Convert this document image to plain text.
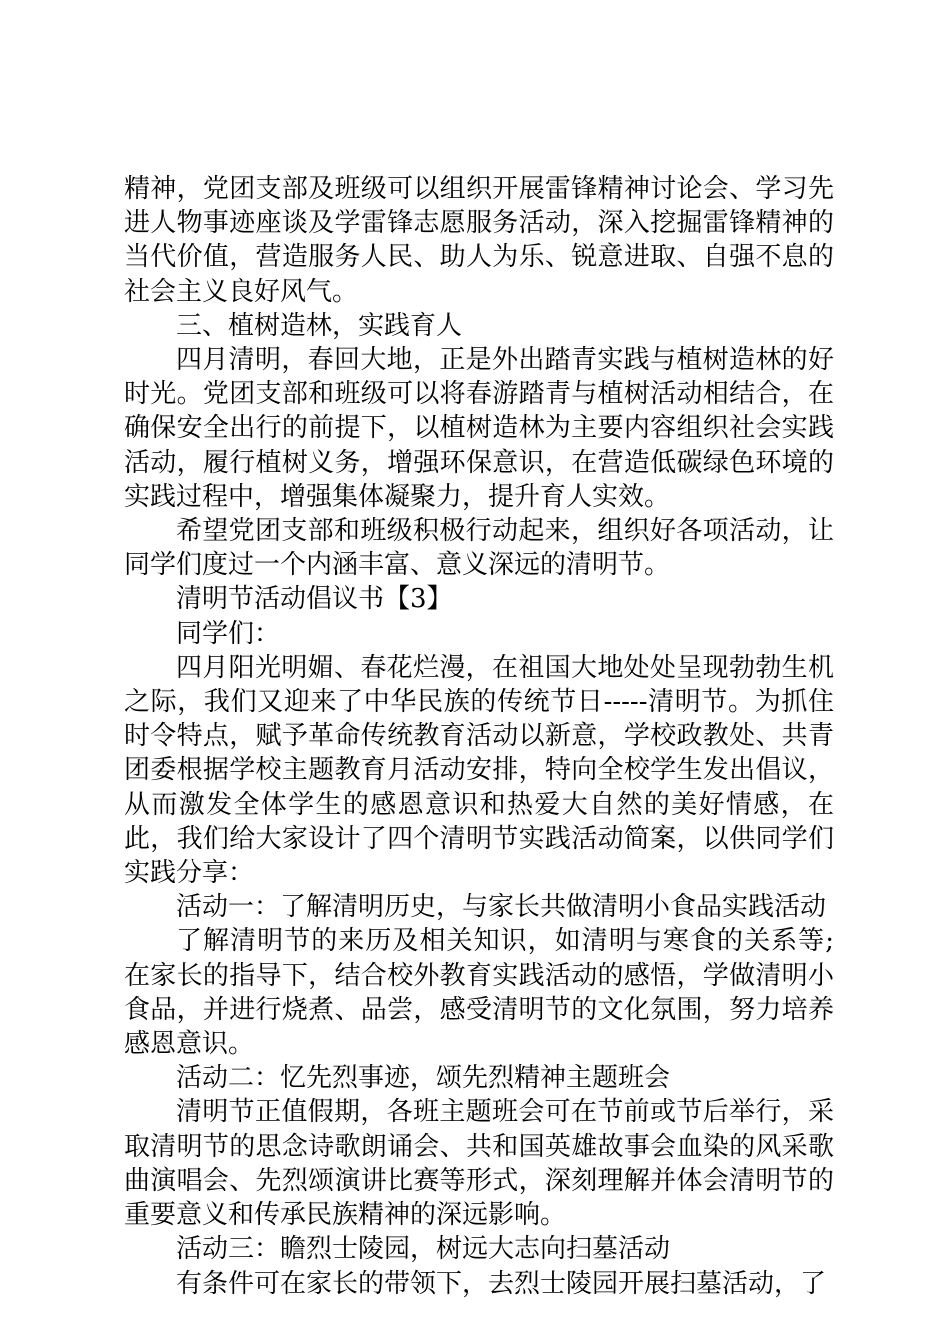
精神，党团支部及班级可以组织开展雷锋精神讨论会、学习先进人物事迹座谈及学雷锋志愿服务活动，深入挖掘雷锋精神的当代价值，营造服务人民、助人为乐、锐意进取、自强不息的社会主义良好风气。

三、植树造林，实践育人

四月清明，春回大地，正是外出踏青实践与植树造林的好时光。党团支部和班级可以将春游踏青与植树活动相结合，在确保安全出行的前提下，以植树造林为主要内容组织社会实践活动，履行植树义务，增强环保意识，在营造低碳绿色环境的实践过程中，增强集体凝聚力，提升育人实效。

希望党团支部和班级积极行动起来，组织好各项活动，让同学们度过一个内涵丰富、意义深远的清明节。

清明节活动倡议书【3】

同学们：

四月阳光明媚、春花烂漫，在祖国大地处处呈现勃勃生机之际，我们又迎来了中华民族的传统节日-----清明节。为抓住时令特点，赋予革命传统教育活动以新意，学校政教处、共青团委根据学校主题教育月活动安排，特向全校学生发出倡议，从而激发全体学生的感恩意识和热爱大自然的美好情感，在此，我们给大家设计了四个清明节实践活动简案，以供同学们实践分享：

活动一：了解清明历史，与家长共做清明小食品实践活动

了解清明节的来历及相关知识，如清明与寒食的关系等;在家长的指导下，结合校外教育实践活动的感悟，学做清明小食品，并进行烧煮、品尝，感受清明节的文化氛围，努力培养感恩意识。

活动二：忆先烈事迹，颂先烈精神主题班会

清明节正值假期，各班主题班会可在节前或节后举行，采取清明节的思念诗歌朗诵会、共和国英雄故事会血染的风采歌曲演唱会、先烈颂演讲比赛等形式，深刻理解并体会清明节的重要意义和传承民族精神的深远影响。

活动三：瞻烈士陵园，树远大志向扫墓活动

有条件可在家长的带领下，去烈士陵园开展扫墓活动，了
